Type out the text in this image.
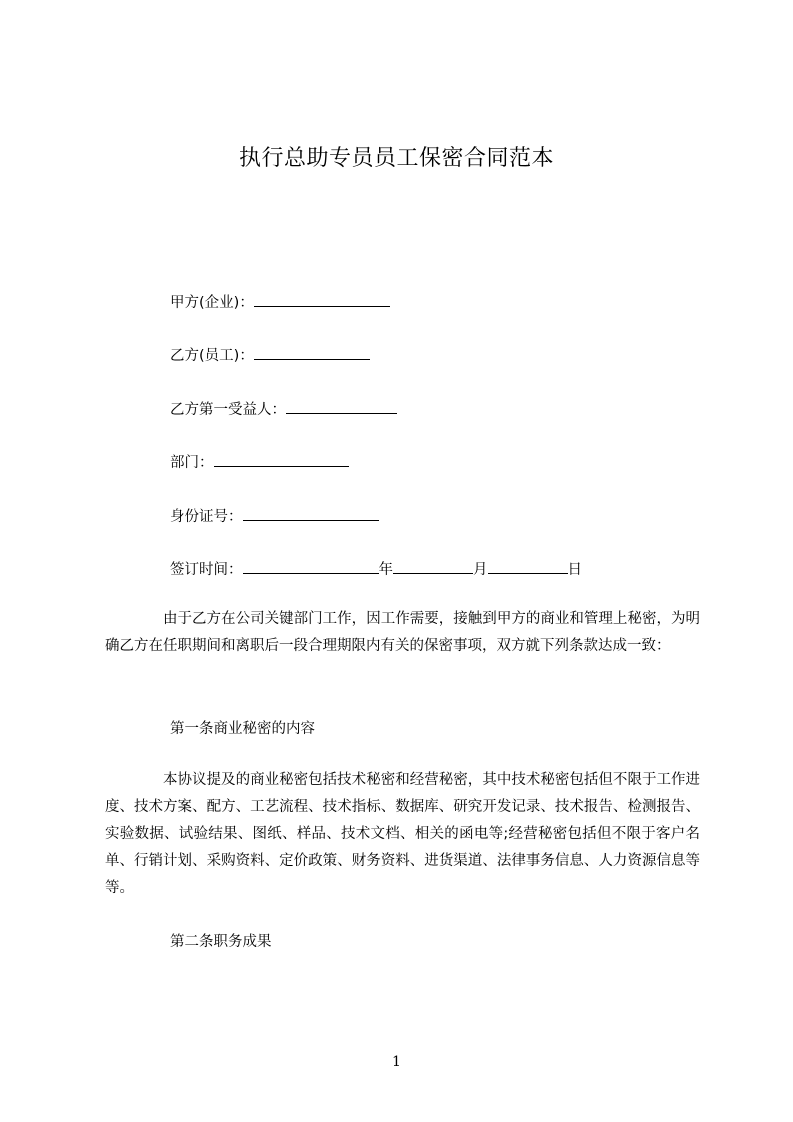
执行总助专员员工保密合同范本
甲方(企业)：
乙方(员工)：
乙方第一受益人：
部门：
身份证号：
签订时间：	年	月	日
由于乙方在公司关键部门工作，因工作需要，接触到甲方的商业和管理上秘密，为明确乙方在任职期间和离职后一段合理期限内有关的保密事项，双方就下列条款达成一致：
第一条商业秘密的内容
本协议提及的商业秘密包括技术秘密和经营秘密，其中技术秘密包括但不限于工作进度、技术方案、配方、工艺流程、技术指标、数据库、研究开发记录、技术报告、检测报告、实验数据、试验结果、图纸、样品、技术文档、相关的函电等;经营秘密包括但不限于客户名单、行销计划、采购资料、定价政策、财务资料、进货渠道、法律事务信息、人力资源信息等等。
第二条职务成果
1
